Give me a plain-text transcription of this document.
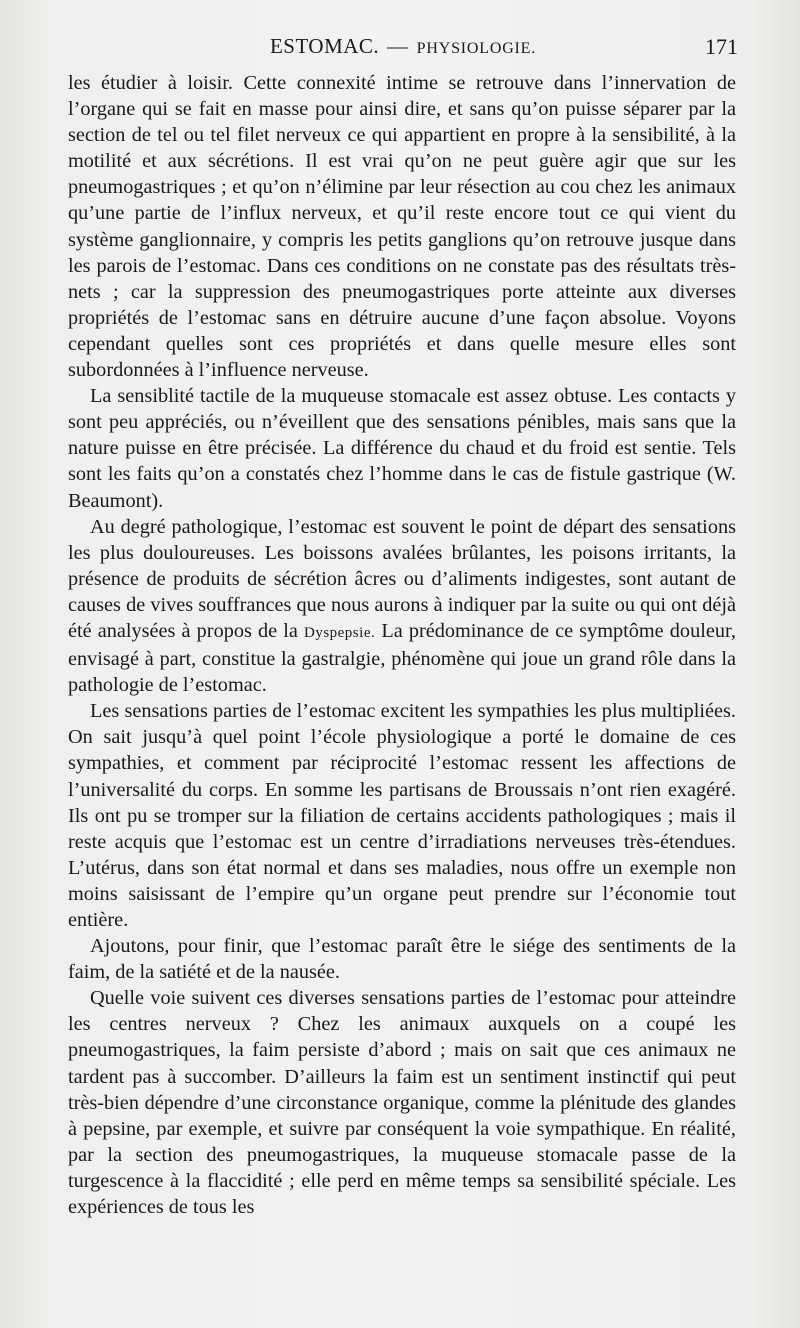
ESTOMAC. — PHYSIOLOGIE.	171

les étudier à loisir. Cette connexité intime se retrouve dans l’innervation de l’organe qui se fait en masse pour ainsi dire, et sans qu’on puisse séparer par la section de tel ou tel filet nerveux ce qui appartient en propre à la sensibilité, à la motilité et aux sécrétions. Il est vrai qu’on ne peut guère agir que sur les pneumogastriques ; et qu’on n’élimine par leur résection au cou chez les animaux qu’une partie de l’influx nerveux, et qu’il reste encore tout ce qui vient du système ganglionnaire, y compris les petits ganglions qu’on retrouve jusque dans les parois de l’estomac. Dans ces conditions on ne constate pas des résultats très-nets ; car la suppression des pneumogastriques porte atteinte aux diverses propriétés de l’estomac sans en détruire aucune d’une façon absolue. Voyons cependant quelles sont ces propriétés et dans quelle mesure elles sont subordonnées à l’influence nerveuse.

La sensiblité tactile de la muqueuse stomacale est assez obtuse. Les contacts y sont peu appréciés, ou n’éveillent que des sensations pénibles, mais sans que la nature puisse en être précisée. La différence du chaud et du froid est sentie. Tels sont les faits qu’on a constatés chez l’homme dans le cas de fistule gastrique (W. Beaumont).

Au degré pathologique, l’estomac est souvent le point de départ des sensations les plus douloureuses. Les boissons avalées brûlantes, les poisons irritants, la présence de produits de sécrétion âcres ou d’aliments indigestes, sont autant de causes de vives souffrances que nous aurons à indiquer par la suite ou qui ont déjà été analysées à propos de la Dyspepsie. La prédominance de ce symptôme douleur, envisagé à part, constitue la gastralgie, phénomène qui joue un grand rôle dans la pathologie de l’estomac.

Les sensations parties de l’estomac excitent les sympathies les plus multipliées. On sait jusqu’à quel point l’école physiologique a porté le domaine de ces sympathies, et comment par réciprocité l’estomac ressent les affections de l’universalité du corps. En somme les partisans de Broussais n’ont rien exagéré. Ils ont pu se tromper sur la filiation de certains accidents pathologiques ; mais il reste acquis que l’estomac est un centre d’irradiations nerveuses très-étendues. L’utérus, dans son état normal et dans ses maladies, nous offre un exemple non moins saisissant de l’empire qu’un organe peut prendre sur l’économie tout entière.

Ajoutons, pour finir, que l’estomac paraît être le siége des sentiments de la faim, de la satiété et de la nausée.

Quelle voie suivent ces diverses sensations parties de l’estomac pour atteindre les centres nerveux ? Chez les animaux auxquels on a coupé les pneumogastriques, la faim persiste d’abord ; mais on sait que ces animaux ne tardent pas à succomber. D’ailleurs la faim est un sentiment instinctif qui peut très-bien dépendre d’une circonstance organique, comme la plénitude des glandes à pepsine, par exemple, et suivre par conséquent la voie sympathique. En réalité, par la section des pneumogastriques, la muqueuse stomacale passe de la turgescence à la flaccidité ; elle perd en même temps sa sensibilité spéciale. Les expériences de tous les
